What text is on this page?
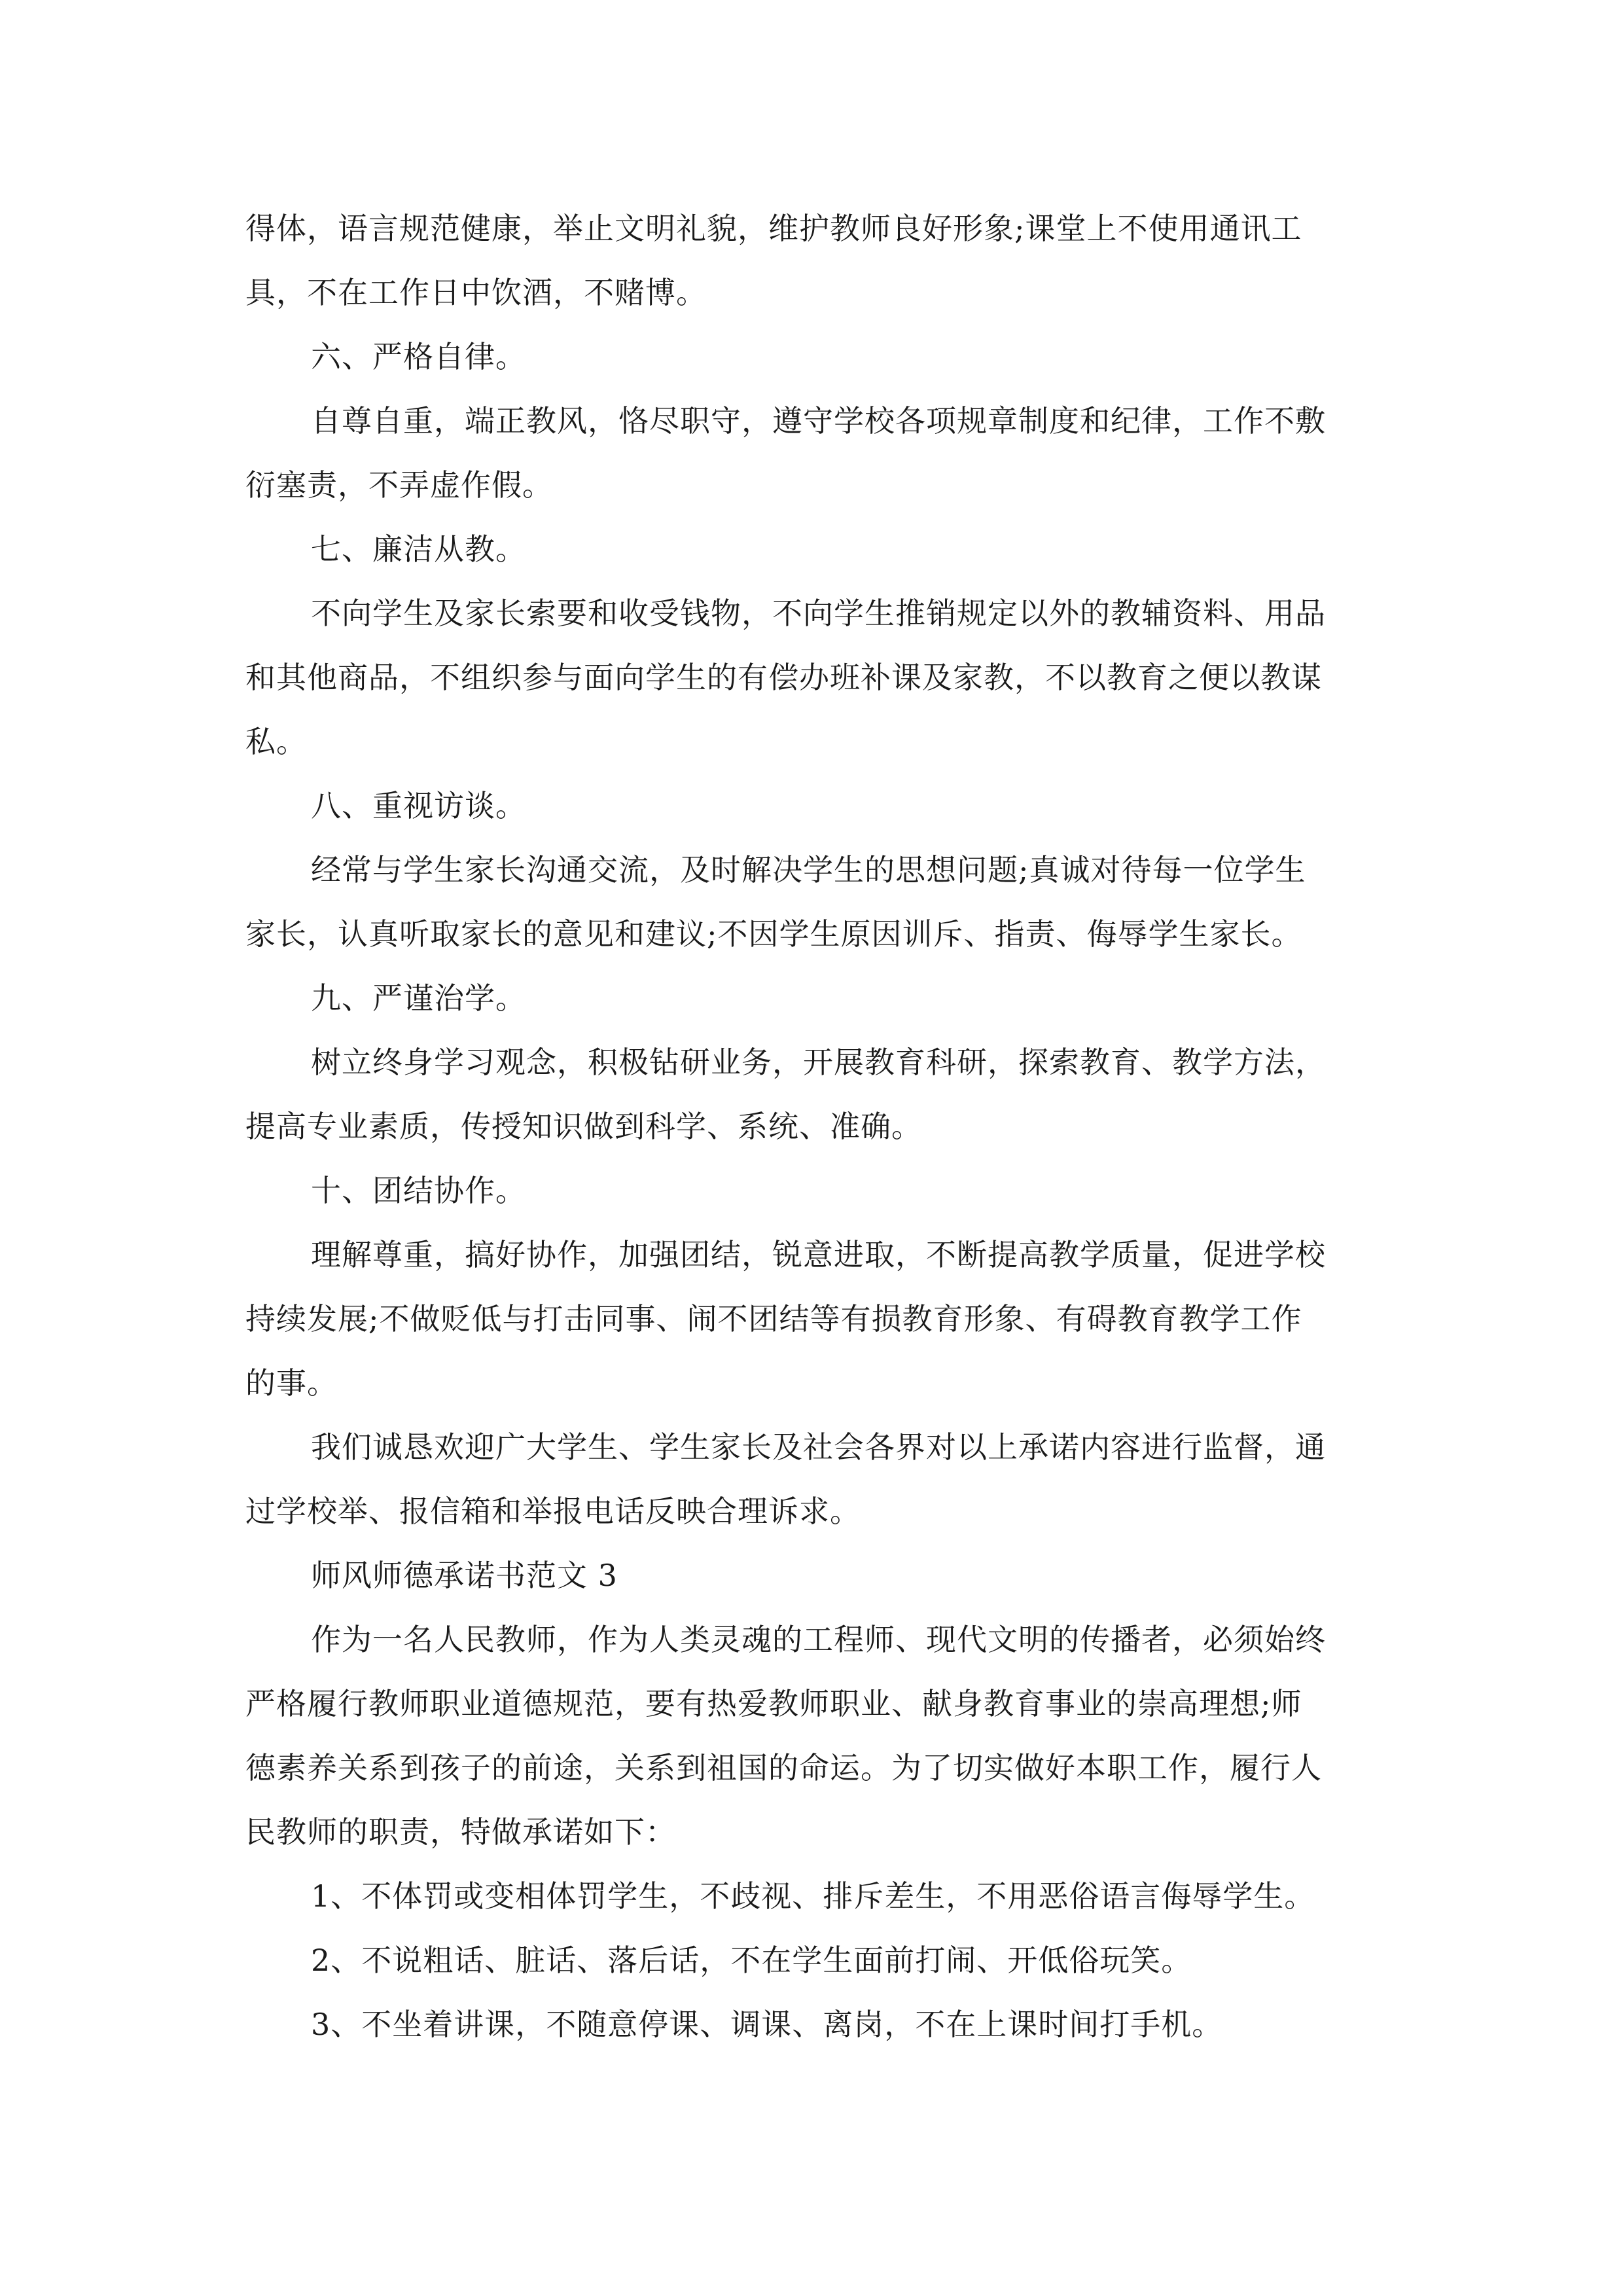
得体，语言规范健康，举止文明礼貌，维护教师良好形象;课堂上不使用通讯工
具，不在工作日中饮酒，不赌博。
六、严格自律。
自尊自重，端正教风，恪尽职守，遵守学校各项规章制度和纪律，工作不敷
衍塞责，不弄虚作假。
七、廉洁从教。
不向学生及家长索要和收受钱物，不向学生推销规定以外的教辅资料、用品
和其他商品，不组织参与面向学生的有偿办班补课及家教，不以教育之便以教谋
私。
八、重视访谈。
经常与学生家长沟通交流，及时解决学生的思想问题;真诚对待每一位学生
家长，认真听取家长的意见和建议;不因学生原因训斥、指责、侮辱学生家长。
九、严谨治学。
树立终身学习观念，积极钻研业务，开展教育科研，探索教育、教学方法，
提高专业素质，传授知识做到科学、系统、准确。
十、团结协作。
理解尊重，搞好协作，加强团结，锐意进取，不断提高教学质量，促进学校
持续发展;不做贬低与打击同事、闹不团结等有损教育形象、有碍教育教学工作
的事。
我们诚恳欢迎广大学生、学生家长及社会各界对以上承诺内容进行监督，通
过学校举、报信箱和举报电话反映合理诉求。
师风师德承诺书范文 3
作为一名人民教师，作为人类灵魂的工程师、现代文明的传播者，必须始终
严格履行教师职业道德规范，要有热爱教师职业、献身教育事业的崇高理想;师
德素养关系到孩子的前途，关系到祖国的命运。为了切实做好本职工作，履行人
民教师的职责，特做承诺如下：
1、不体罚或变相体罚学生，不歧视、排斥差生，不用恶俗语言侮辱学生。
2、不说粗话、脏话、落后话，不在学生面前打闹、开低俗玩笑。
3、不坐着讲课，不随意停课、调课、离岗，不在上课时间打手机。
